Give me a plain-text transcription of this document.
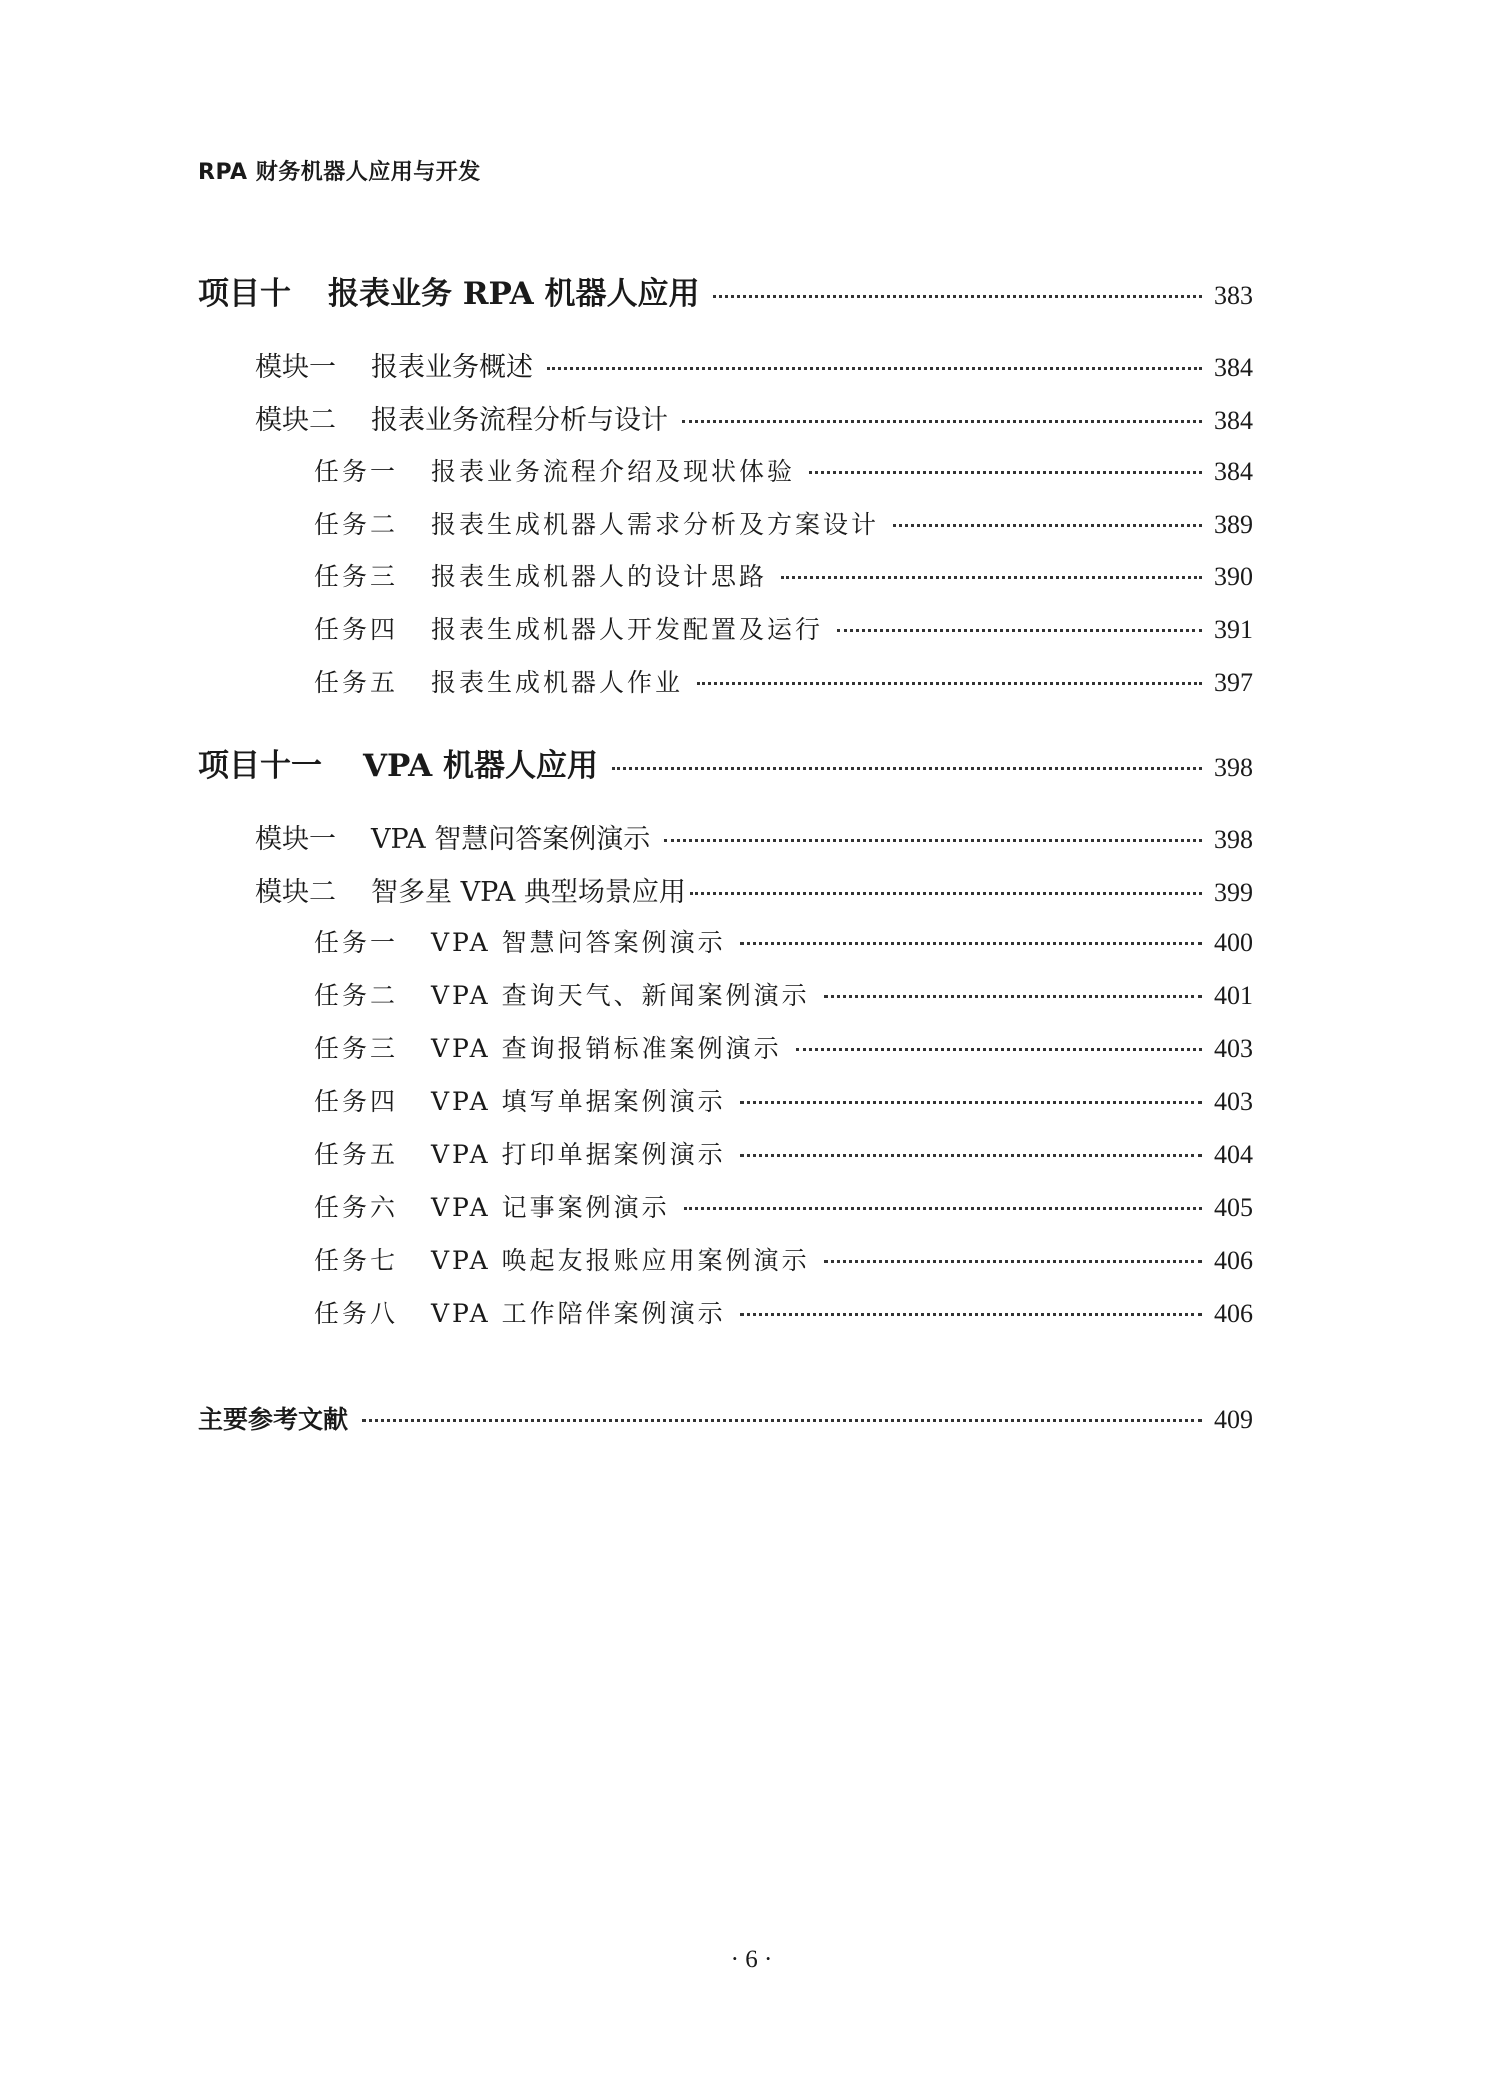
RPA 财务机器人应用与开发
项目十	报表业务 RPA 机器人应用	383
模块一	报表业务概述	384
模块二	报表业务流程分析与设计	384
任务一	报表业务流程介绍及现状体验	384
任务二	报表生成机器人需求分析及方案设计	389
任务三	报表生成机器人的设计思路	390
任务四	报表生成机器人开发配置及运行	391
任务五	报表生成机器人作业	397
项目十一	VPA 机器人应用	398
模块一	VPA 智慧问答案例演示	398
模块二	智多星 VPA 典型场景应用	399
任务一	VPA 智慧问答案例演示	400
任务二	VPA 查询天气、新闻案例演示	401
任务三	VPA 查询报销标准案例演示	403
任务四	VPA 填写单据案例演示	403
任务五	VPA 打印单据案例演示	404
任务六	VPA 记事案例演示	405
任务七	VPA 唤起友报账应用案例演示	406
任务八	VPA 工作陪伴案例演示	406
主要参考文献	409
· 6 ·
